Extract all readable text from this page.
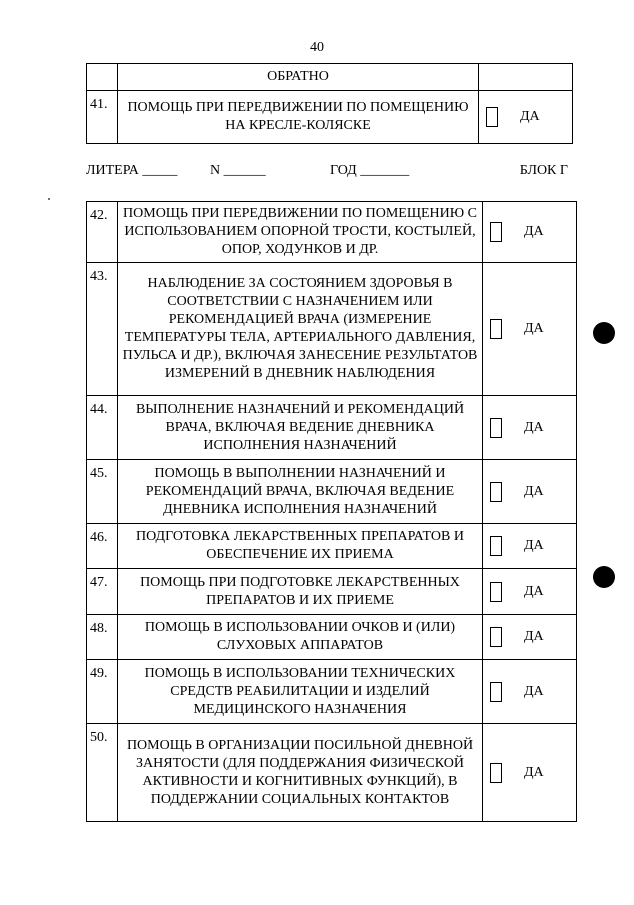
40
	ОБРАТНО	
41.	ПОМОЩЬ ПРИ ПЕРЕДВИЖЕНИИ ПО ПОМЕЩЕНИЮ НА КРЕСЛЕ-КОЛЯСКЕ	ДА
ЛИТЕРА _____ N ______	ГОД _______	БЛОК Г
42.	ПОМОЩЬ ПРИ ПЕРЕДВИЖЕНИИ ПО ПОМЕЩЕНИЮ С ИСПОЛЬЗОВАНИЕМ ОПОРНОЙ ТРОСТИ, КОСТЫЛЕЙ, ОПОР, ХОДУНКОВ И ДР.	ДА

43.	НАБЛЮДЕНИЕ ЗА СОСТОЯНИЕМ ЗДОРОВЬЯ В СООТВЕТСТВИИ С НАЗНАЧЕНИЕМ ИЛИ РЕКОМЕНДАЦИЕЙ ВРАЧА (ИЗМЕРЕНИЕ ТЕМПЕРАТУРЫ ТЕЛА, АРТЕРИАЛЬНОГО ДАВЛЕНИЯ, ПУЛЬСА И ДР.), ВКЛЮЧАЯ ЗАНЕСЕНИЕ РЕЗУЛЬТАТОВ ИЗМЕРЕНИЙ В ДНЕВНИК НАБЛЮДЕНИЯ	ДА

44.	ВЫПОЛНЕНИЕ НАЗНАЧЕНИЙ И РЕКОМЕНДАЦИЙ ВРАЧА, ВКЛЮЧАЯ ВЕДЕНИЕ ДНЕВНИКА ИСПОЛНЕНИЯ НАЗНАЧЕНИЙ	ДА

45.	ПОМОЩЬ В ВЫПОЛНЕНИИ НАЗНАЧЕНИЙ И РЕКОМЕНДАЦИЙ ВРАЧА, ВКЛЮЧАЯ ВЕДЕНИЕ ДНЕВНИКА ИСПОЛНЕНИЯ НАЗНАЧЕНИЙ	ДА

46.	ПОДГОТОВКА ЛЕКАРСТВЕННЫХ ПРЕПАРАТОВ И ОБЕСПЕЧЕНИЕ ИХ ПРИЕМА	ДА

47.	ПОМОЩЬ ПРИ ПОДГОТОВКЕ ЛЕКАРСТВЕННЫХ ПРЕПАРАТОВ И ИХ ПРИЕМЕ	ДА

48.	ПОМОЩЬ В ИСПОЛЬЗОВАНИИ ОЧКОВ И (ИЛИ) СЛУХОВЫХ АППАРАТОВ	ДА

49.	ПОМОЩЬ В ИСПОЛЬЗОВАНИИ ТЕХНИЧЕСКИХ СРЕДСТВ РЕАБИЛИТАЦИИ И ИЗДЕЛИЙ МЕДИЦИНСКОГО НАЗНАЧЕНИЯ	ДА

50.	ПОМОЩЬ В ОРГАНИЗАЦИИ ПОСИЛЬНОЙ ДНЕВНОЙ ЗАНЯТОСТИ (ДЛЯ ПОДДЕРЖАНИЯ ФИЗИЧЕСКОЙ АКТИВНОСТИ И КОГНИТИВНЫХ ФУНКЦИЙ), В ПОДДЕРЖАНИИ СОЦИАЛЬНЫХ КОНТАКТОВ	ДА
